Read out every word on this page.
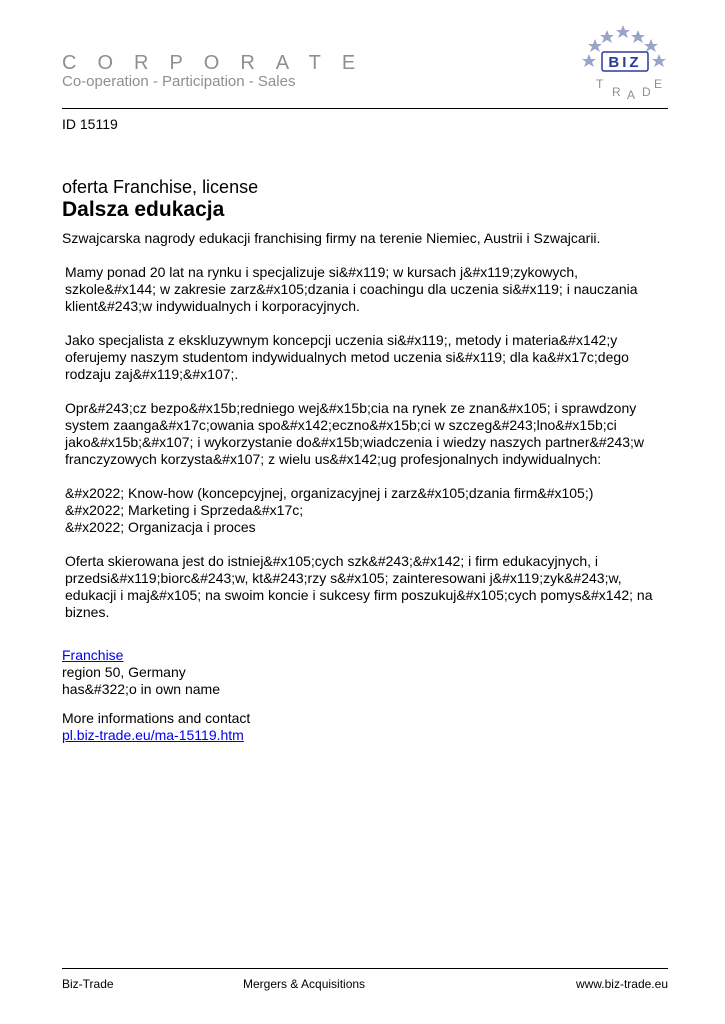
CORPORATE
Co-operation - Participation - Sales
BIZ
T
R A D
E
ID 15119

oferta Franchise, license

Dalsza edukacja

Szwajcarska nagrody edukacji franchising firmy na terenie Niemiec, Austrii i Szwajcarii.

Mamy ponad 20 lat na rynku i specjalizuje si&#x119; w kursach j&#x119;zykowych, szkole&#x144; w zakresie zarz&#x105;dzania i coachingu dla uczenia si&#x119; i nauczania klient&#243;w indywidualnych i korporacyjnych.

Jako specjalista z ekskluzywnym koncepcji uczenia si&#x119;, metody i materia&#x142;y oferujemy naszym studentom indywidualnych metod uczenia si&#x119; dla ka&#x17c;dego rodzaju zaj&#x119;&#x107;.

Opr&#243;cz bezpo&#x15b;redniego wej&#x15b;cia na rynek ze znan&#x105; i sprawdzony system zaanga&#x17c;owania spo&#x142;eczno&#x15b;ci w szczeg&#243;lno&#x15b;ci jako&#x15b;&#x107; i wykorzystanie do&#x15b;wiadczenia i wiedzy naszych partner&#243;w franczyzowych korzysta&#x107; z wielu us&#x142;ug profesjonalnych indywidualnych:

&#x2022; Know-how (koncepcyjnej, organizacyjnej i zarz&#x105;dzania firm&#x105;)
&#x2022; Marketing i Sprzeda&#x17c;
&#x2022; Organizacja i proces

Oferta skierowana jest do istniej&#x105;cych szk&#243;&#x142; i firm edukacyjnych, i przedsi&#x119;biorc&#243;w, kt&#243;rzy s&#x105; zainteresowani j&#x119;zyk&#243;w, edukacji i maj&#x105; na swoim koncie i sukcesy firm poszukuj&#x105;cych pomys&#x142; na biznes.

Franchise
region 50, Germany
has&#322;o in own name
More informations and contact
pl.biz-trade.eu/ma-15119.htm
Biz-Trade	Mergers & Acquisitions	www.biz-trade.eu
